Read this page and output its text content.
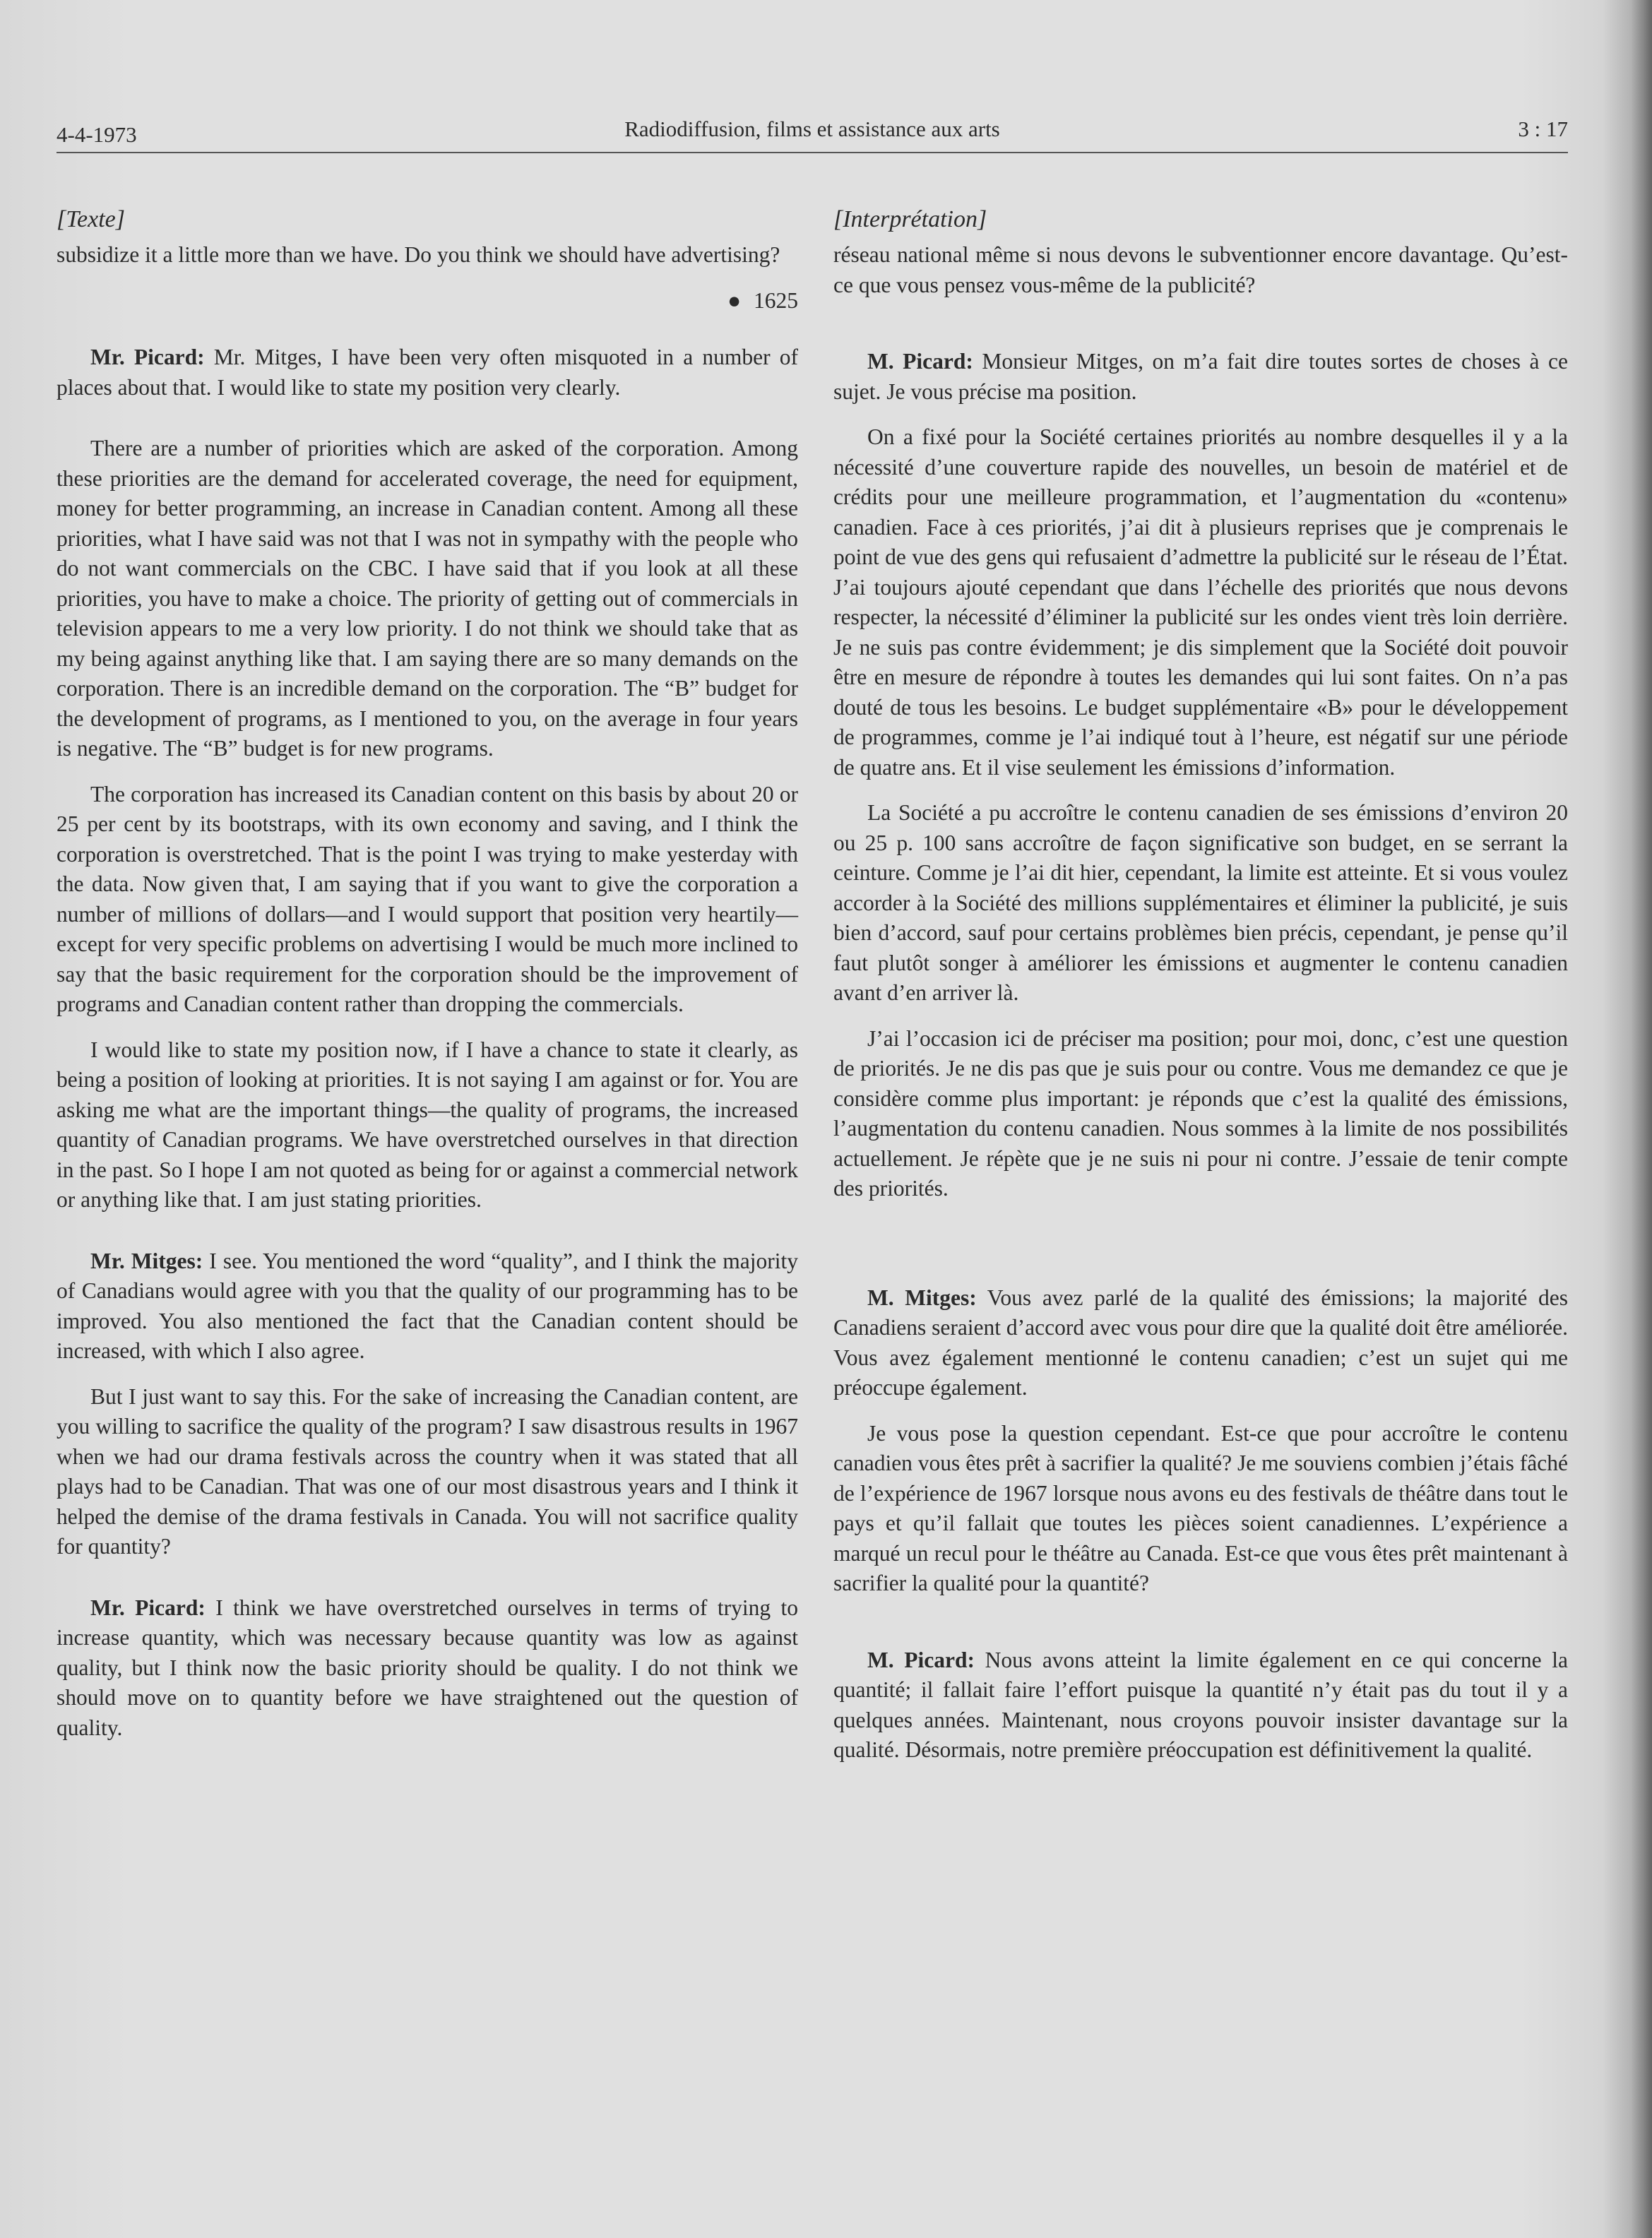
4-4-1973	Radiodiffusion, films et assistance aux arts	3 : 17
[Texte]

subsidize it a little more than we have. Do you think we should have advertising?

● 1625

Mr. Picard: Mr. Mitges, I have been very often misquoted in a number of places about that. I would like to state my position very clearly.

There are a number of priorities which are asked of the corporation. Among these priorities are the demand for accelerated coverage, the need for equipment, money for better programming, an increase in Canadian content. Among all these priorities, what I have said was not that I was not in sympathy with the people who do not want commercials on the CBC. I have said that if you look at all these priorities, you have to make a choice. The priority of getting out of commercials in television appears to me a very low priority. I do not think we should take that as my being against anything like that. I am saying there are so many demands on the corporation. There is an incredible demand on the corporation. The “B” budget for the development of programs, as I mentioned to you, on the average in four years is negative. The “B” budget is for new programs.

The corporation has increased its Canadian content on this basis by about 20 or 25 per cent by its bootstraps, with its own economy and saving, and I think the corporation is overstretched. That is the point I was trying to make yesterday with the data. Now given that, I am saying that if you want to give the corporation a number of millions of dollars—and I would support that position very heartily—except for very specific problems on advertising I would be much more inclined to say that the basic requirement for the corporation should be the improvement of programs and Canadian content rather than dropping the commercials.

I would like to state my position now, if I have a chance to state it clearly, as being a position of looking at priorities. It is not saying I am against or for. You are asking me what are the important things—the quality of programs, the increased quantity of Canadian programs. We have overstretched ourselves in that direction in the past. So I hope I am not quoted as being for or against a commercial network or anything like that. I am just stating priorities.

Mr. Mitges: I see. You mentioned the word “quality”, and I think the majority of Canadians would agree with you that the quality of our programming has to be improved. You also mentioned the fact that the Canadian content should be increased, with which I also agree.

But I just want to say this. For the sake of increasing the Canadian content, are you willing to sacrifice the quality of the program? I saw disastrous results in 1967 when we had our drama festivals across the country when it was stated that all plays had to be Canadian. That was one of our most disastrous years and I think it helped the demise of the drama festivals in Canada. You will not sacrifice quality for quantity?

Mr. Picard: I think we have overstretched ourselves in terms of trying to increase quantity, which was necessary because quantity was low as against quality, but I think now the basic priority should be quality. I do not think we should move on to quantity before we have straightened out the question of quality.

[Interprétation]

réseau national même si nous devons le subventionner encore davantage. Qu’est-ce que vous pensez vous-même de la publicité?

M. Picard: Monsieur Mitges, on m’a fait dire toutes sortes de choses à ce sujet. Je vous précise ma position.

On a fixé pour la Société certaines priorités au nombre desquelles il y a la nécessité d’une couverture rapide des nouvelles, un besoin de matériel et de crédits pour une meilleure programmation, et l’augmentation du «contenu» canadien. Face à ces priorités, j’ai dit à plusieurs reprises que je comprenais le point de vue des gens qui refusaient d’admettre la publicité sur le réseau de l’État. J’ai toujours ajouté cependant que dans l’échelle des priorités que nous devons respecter, la nécessité d’éliminer la publicité sur les ondes vient très loin derrière. Je ne suis pas contre évidemment; je dis simplement que la Société doit pouvoir être en mesure de répondre à toutes les demandes qui lui sont faites. On n’a pas douté de tous les besoins. Le budget supplémentaire «B» pour le développement de programmes, comme je l’ai indiqué tout à l’heure, est négatif sur une période de quatre ans. Et il vise seulement les émissions d’information.

La Société a pu accroître le contenu canadien de ses émissions d’environ 20 ou 25 p. 100 sans accroître de façon significative son budget, en se serrant la ceinture. Comme je l’ai dit hier, cependant, la limite est atteinte. Et si vous voulez accorder à la Société des millions supplémentaires et éliminer la publicité, je suis bien d’accord, sauf pour certains problèmes bien précis, cependant, je pense qu’il faut plutôt songer à améliorer les émissions et augmenter le contenu canadien avant d’en arriver là.

J’ai l’occasion ici de préciser ma position; pour moi, donc, c’est une question de priorités. Je ne dis pas que je suis pour ou contre. Vous me demandez ce que je considère comme plus important: je réponds que c’est la qualité des émissions, l’augmentation du contenu canadien. Nous sommes à la limite de nos possibilités actuellement. Je répète que je ne suis ni pour ni contre. J’essaie de tenir compte des priorités.

M. Mitges: Vous avez parlé de la qualité des émissions; la majorité des Canadiens seraient d’accord avec vous pour dire que la qualité doit être améliorée. Vous avez également mentionné le contenu canadien; c’est un sujet qui me préoccupe également.

Je vous pose la question cependant. Est-ce que pour accroître le contenu canadien vous êtes prêt à sacrifier la qualité? Je me souviens combien j’étais fâché de l’expérience de 1967 lorsque nous avons eu des festivals de théâtre dans tout le pays et qu’il fallait que toutes les pièces soient canadiennes. L’expérience a marqué un recul pour le théâtre au Canada. Est-ce que vous êtes prêt maintenant à sacrifier la qualité pour la quantité?

M. Picard: Nous avons atteint la limite également en ce qui concerne la quantité; il fallait faire l’effort puisque la quantité n’y était pas du tout il y a quelques années. Maintenant, nous croyons pouvoir insister davantage sur la qualité. Désormais, notre première préoccupation est définitivement la qualité.
